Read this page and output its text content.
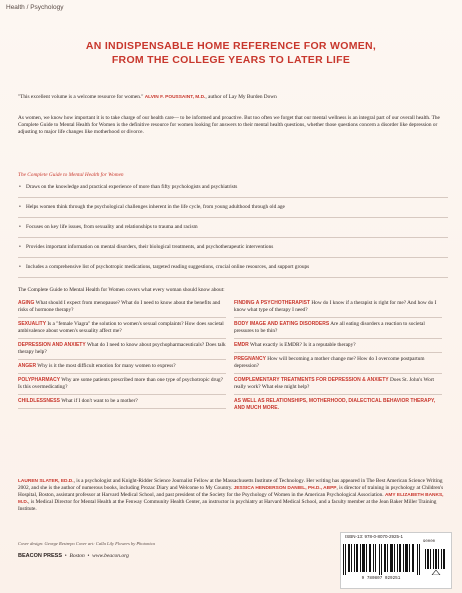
Health / Psychology
AN INDISPENSABLE HOME REFERENCE FOR WOMEN,
FROM THE COLLEGE YEARS TO LATER LIFE
"This excellent volume is a welcome resource for women." ALVIN F. POUSSAINT, M.D., author of Lay My Burden Down
As women, we know how important it is to take charge of our health care— to be informed and proactive. But too often we forget that our mental wellness is an integral part of our overall health. The Complete Guide to Mental Health for Women is the definitive resource for women looking for answers to their mental health questions, whether those questions concern a disorder like depression or adjusting to major life changes like motherhood or divorce.
The Complete Guide to Mental Health for Women
• Draws on the knowledge and practical experience of more than fifty psychologists and psychiatrists
• Helps women think through the psychological challenges inherent in the life cycle, from young adulthood through old age
• Focuses on key life issues, from sexuality and relationships to trauma and racism
• Provides important information on mental disorders, their biological treatments, and psychotherapeutic interventions
• Includes a comprehensive list of psychotropic medications, targeted reading suggestions, crucial online resources, and support groups
The Complete Guide to Mental Health for Women covers what every woman should know about:
AGING What should I expect from menopause? What do I need to know about the benefits and risks of hormone therapy?
SEXUALITY Is a "female Viagra" the solution to women's sexual complaints? How does societal ambivalence about women's sexuality affect me?
DEPRESSION AND ANXIETY What do I need to know about psychopharmaceuticals? Does talk therapy help?
ANGER Why is it the most difficult emotion for many women to express?
POLYPHARMACY Why are some patients prescribed more than one type of psychotropic drug? Is this overmedicating?
CHILDLESSNESS What if I don't want to be a mother?
FINDING A PSYCHOTHERAPIST How do I know if a therapist is right for me? And how do I know what type of therapy I need?
BODY IMAGE AND EATING DISORDERS Are all eating disorders a reaction to societal pressures to be thin?
EMDR What exactly is EMDR? Is it a reputable therapy?
PREGNANCY How will becoming a mother change me? How do I overcome postpartum depression?
COMPLEMENTARY TREATMENTS FOR DEPRESSION & ANXIETY Does St. John's Wort really work? What else might help?
AS WELL AS RELATIONSHIPS, MOTHERHOOD, DIALECTICAL BEHAVIOR THERAPY, AND MUCH MORE.
LAUREN SLATER, ED.D., is a psychologist and Knight-Ridder Science Journalist Fellow at the Massachusetts Institute of Technology. Her writing has appeared in The Best American Science Writing 2002, and she is the author of numerous books, including Prozac Diary and Welcome to My Country. JESSICA HENDERSON DANIEL, PH.D., ABPP, is director of training in psychology at Children's Hospital, Boston, assistant professor at Harvard Medical School, and past president of the Society for the Psychology of Women in the American Psychological Association. AMY ELIZABETH BANKS, M.D., is Medical Director for Mental Health at the Fenway Community Health Center, an instructor in psychiatry at Harvard Medical School, and a faculty member at the Jean Baker Miller Training Institute.
Cover design: George Restrepo Cover art: Calla Lily Flowers by Photonica
BEACON PRESS  •  Boston  •  www.beacon.org
ISBN-13: 978-0-8070-2925-1
9 780807 029251
90000
